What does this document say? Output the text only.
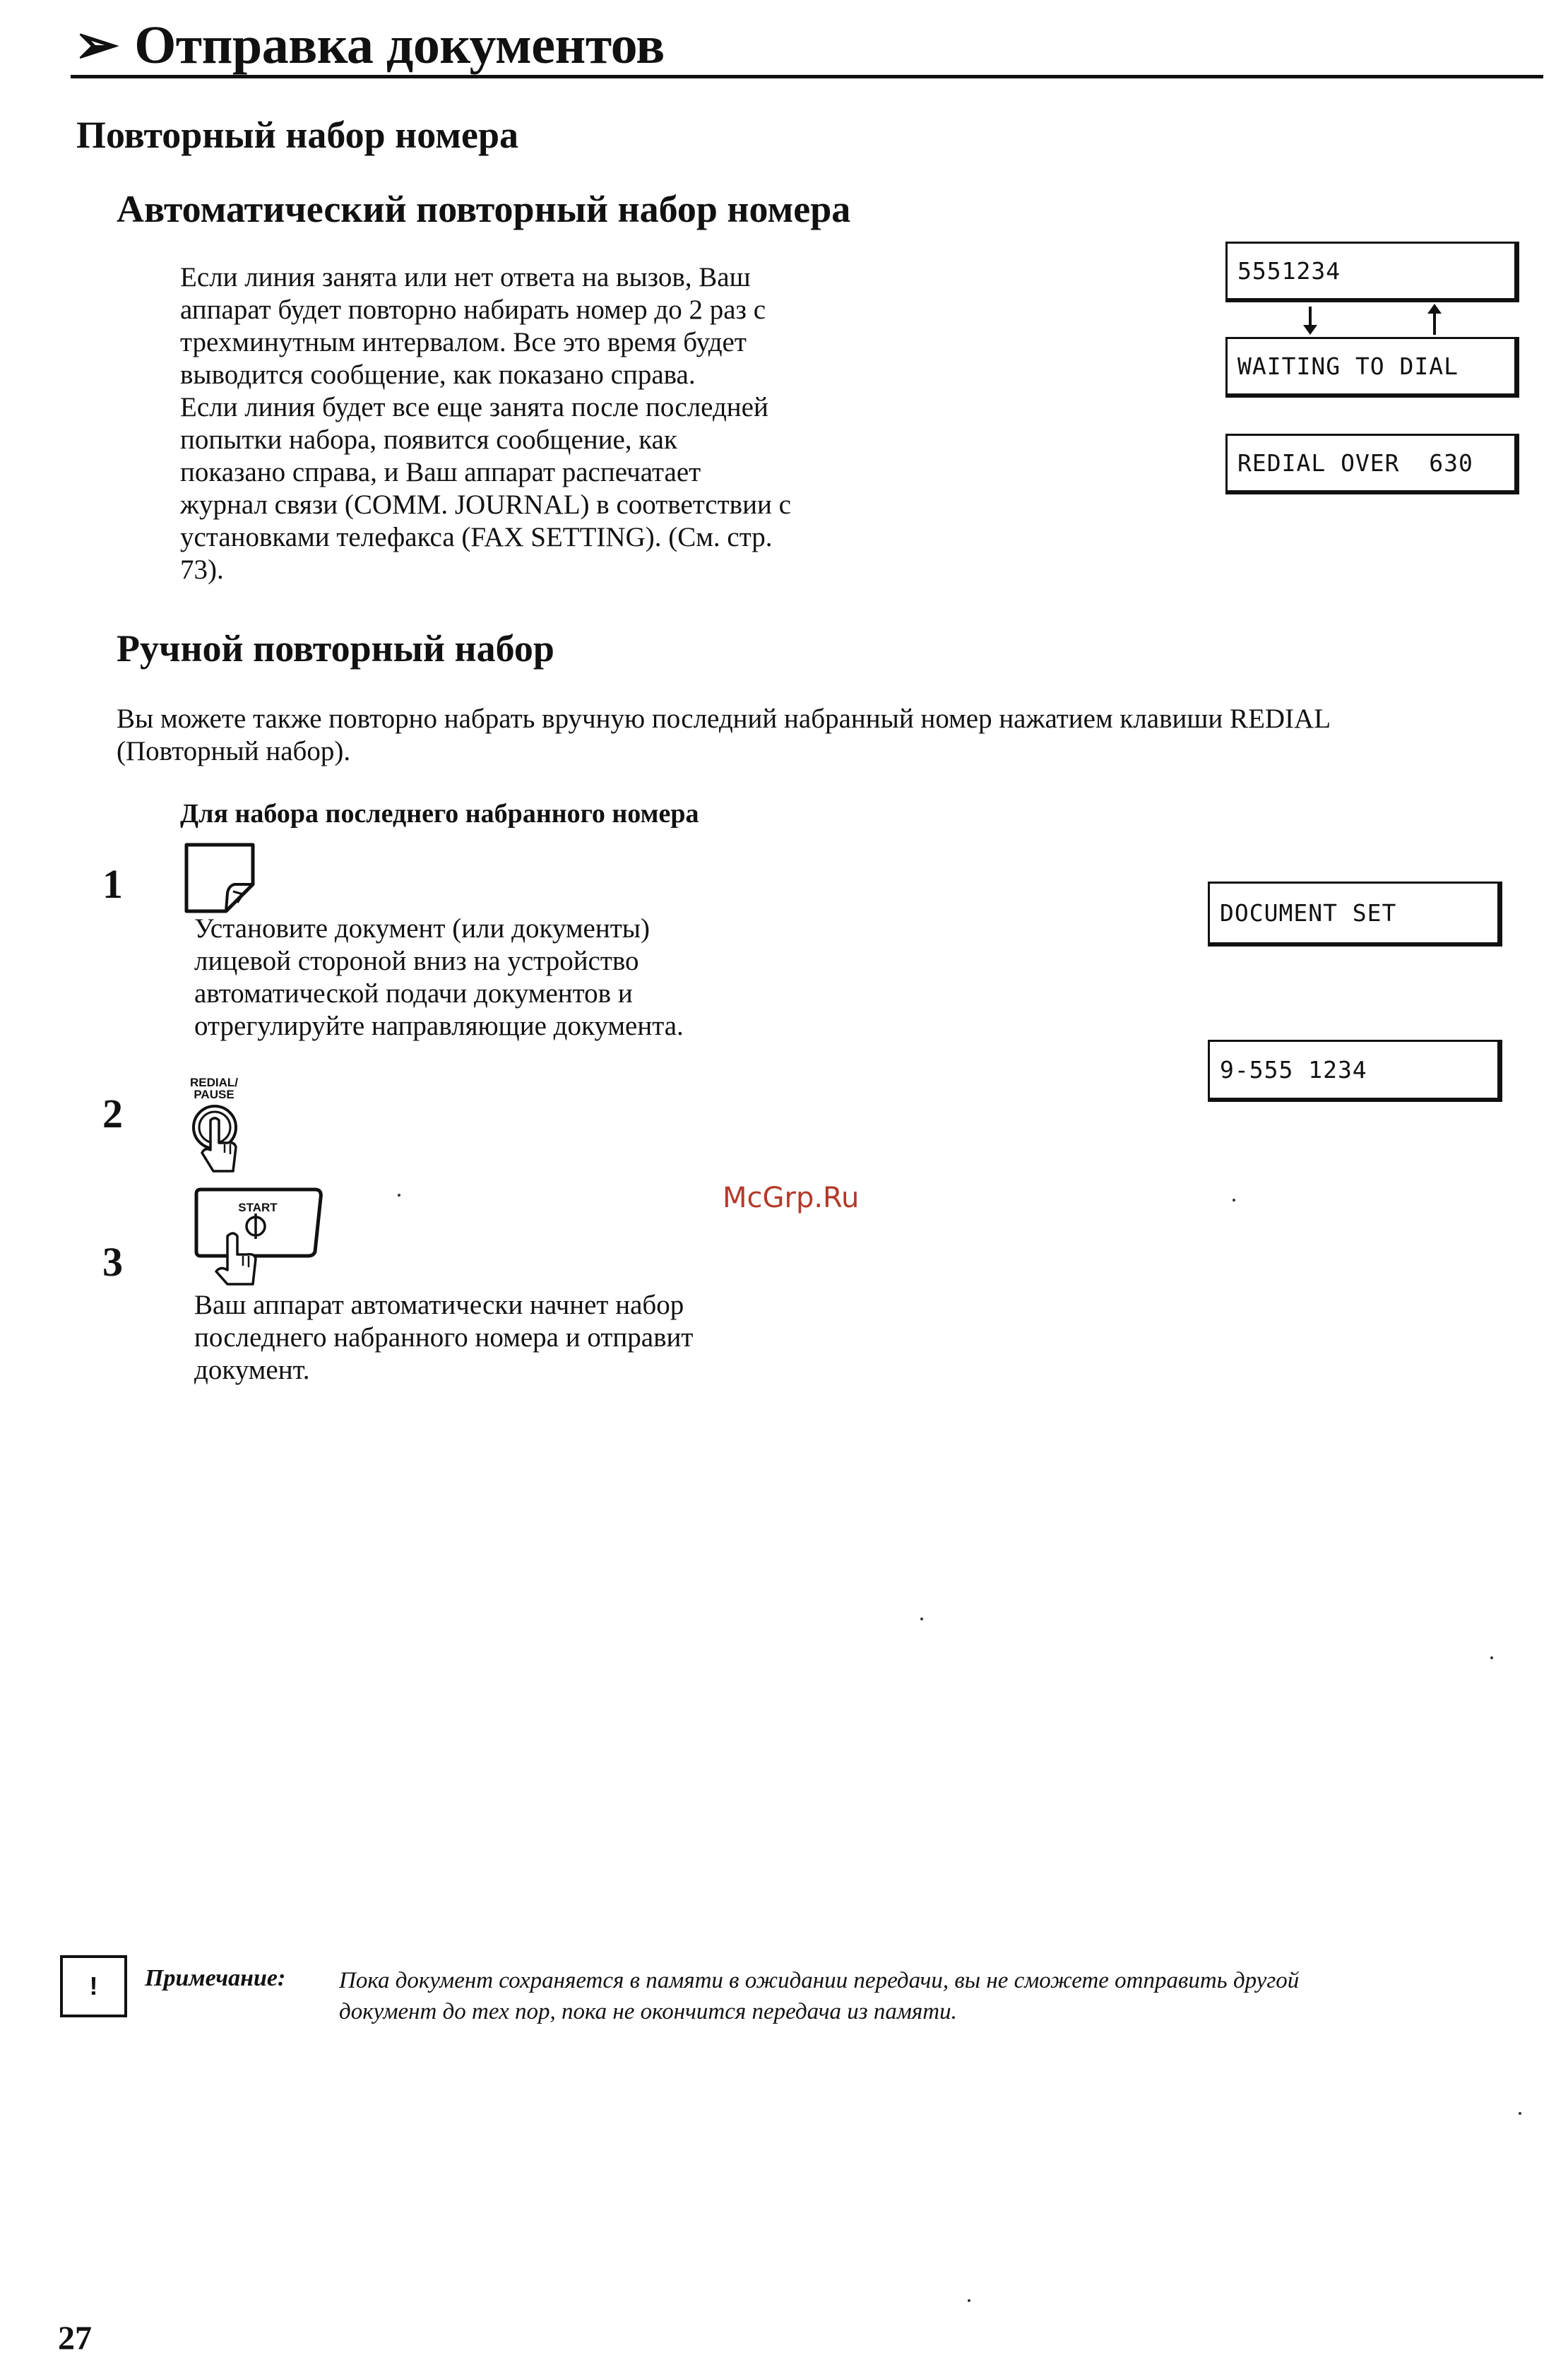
➢ Отправка документов
Повторный набор номера
Автоматический повторный набор номера

Если линия занята или нет ответа на вызов, Ваш

аппарат будет повторно набирать номер до 2 раз с

трехминутным интервалом. Все это время будет

выводится сообщение, как показано справа.

Если линия будет все еще занята после последней

попытки набора, появится сообщение, как

показано справа, и Ваш аппарат распечатает

журнал связи (COMM. JOURNAL) в соответствии с

установками телефакса (FAX SETTING). (См. стр.

73).

5551234
WAITING TO DIAL
REDIAL OVER  630
Ручной повторный набор

Вы можете также повторно набрать вручную последний набранный номер нажатием клавиши REDIAL

(Повторный набор).

Для набора последнего набранного номера
1

Установите документ (или документы)

лицевой стороной вниз на устройство

автоматической подачи документов и

отрегулируйте направляющие документа.

DOCUMENT SET
2
REDIAL/
PAUSE
9-555 1234
3
START

Ваш аппарат автоматически начнет набор

последнего набранного номера и отправит

документ.

McGrp.Ru
!	Примечание: Пока документ сохраняется в памяти в ожидании передачи, вы не сможете отправить другой
документ до тех пор, пока не окончится передача из памяти.
27
